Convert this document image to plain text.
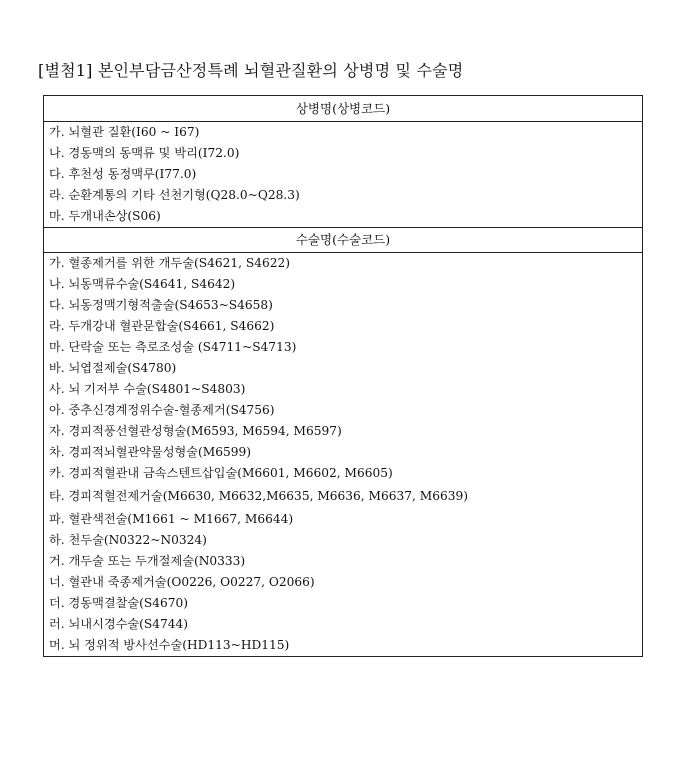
[별첨1] 본인부담금산정특례 뇌혈관질환의 상병명 및 수술명
상병명(상병코드)
가. 뇌혈관 질환(I60 ~ I67)
나. 경동맥의 동맥류 및 박리(I72.0)
다. 후천성 동정맥루(I77.0)
라. 순환계통의 기타 선천기형(Q28.0~Q28.3)
마. 두개내손상(S06)
수술명(수술코드)
가. 혈종제거를 위한 개두술(S4621, S4622)
나. 뇌동맥류수술(S4641, S4642)
다. 뇌동정맥기형적출술(S4653~S4658)
라. 두개강내 혈관문합술(S4661, S4662)
마. 단락술 또는 측로조성술 (S4711~S4713)
바. 뇌엽절제술(S4780)
사. 뇌 기저부 수술(S4801~S4803)
아. 중추신경계정위수술-혈종제거(S4756)
자. 경피적풍선혈관성형술(M6593, M6594, M6597)
차. 경피적뇌혈관약물성형술(M6599)
카. 경피적혈관내 금속스텐트삽입술(M6601, M6602, M6605)
타. 경피적혈전제거술(M6630, M6632,M6635, M6636, M6637, M6639)
파. 혈관색전술(M1661 ~ M1667, M6644)
하. 천두술(N0322~N0324)
거. 개두술 또는 두개절제술(N0333)
너. 혈관내 죽종제거술(O0226, O0227, O2066)
더. 경동맥결찰술(S4670)
러. 뇌내시경수술(S4744)
머. 뇌 정위적 방사선수술(HD113~HD115)
